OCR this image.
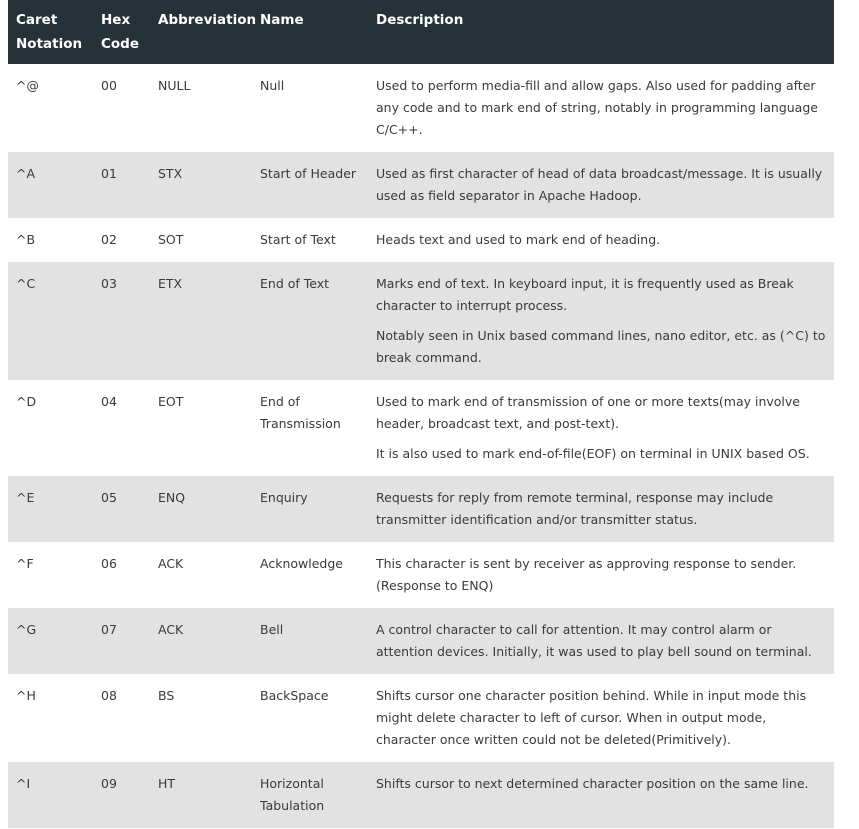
Caret Notation	Hex Code	Abbreviation	Name	Description
^@	00	NULL	Null	Used to perform media-fill and allow gaps. Also used for padding after any code and to mark end of string, notably in programming language C/C++.

^A	01	STX	Start of Header	Used as first character of head of data broadcast/message. It is usually used as field separator in Apache Hadoop.

^B	02	SOT	Start of Text	Heads text and used to mark end of heading.

^C	03	ETX	End of Text	Marks end of text. In keyboard input, it is frequently used as Break character to interrupt process.

Notably seen in Unix based command lines, nano editor, etc. as (^C) to break command.

^D	04	EOT	End of Transmission	Used to mark end of transmission of one or more texts(may involve header, broadcast text, and post-text).

It is also used to mark end-of-file(EOF) on terminal in UNIX based OS.

^E	05	ENQ	Enquiry	Requests for reply from remote terminal, response may include transmitter identification and/or transmitter status.

^F	06	ACK	Acknowledge	This character is sent by receiver as approving response to sender. (Response to ENQ)

^G	07	ACK	Bell	A control character to call for attention. It may control alarm or attention devices. Initially, it was used to play bell sound on terminal.

^H	08	BS	BackSpace	Shifts cursor one character position behind. While in input mode this might delete character to left of cursor. When in output mode, character once written could not be deleted(Primitively).

^I	09	HT	Horizontal Tabulation	Shifts cursor to next determined character position on the same line.
